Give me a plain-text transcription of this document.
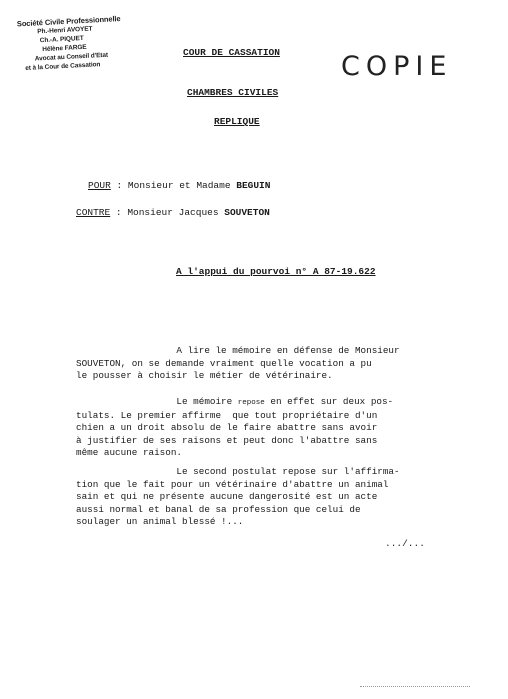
Société Civile Professionnelle
Ph.-Henri AVOYET
Ch.-A. PIQUET
Hélène FARGE
Avocat au Conseil d'Etat
et à la Cour de Cassation	COPIE
COUR DE CASSATION
CHAMBRES CIVILES
REPLIQUE
POUR : Monsieur et Madame BEGUIN
CONTRE : Monsieur Jacques SOUVETON
A l'appui du pourvoi n° A 87-19.622
A lire le mémoire en défense de Monsieur
SOUVETON, on se demande vraiment quelle vocation a pu
le pousser à choisir le métier de vétérinaire.
Le mémoire repose en effet sur deux pos-
tulats. Le premier affirme  que tout propriétaire d'un
chien a un droit absolu de le faire abattre sans avoir
à justifier de ses raisons et peut donc l'abattre sans
même aucune raison.
Le second postulat repose sur l'affirma-
tion que le fait pour un vétérinaire d'abattre un animal
sain et qui ne présente aucune dangerosité est un acte
aussi normal et banal de sa profession que celui de
soulager un animal blessé !...
.../...
